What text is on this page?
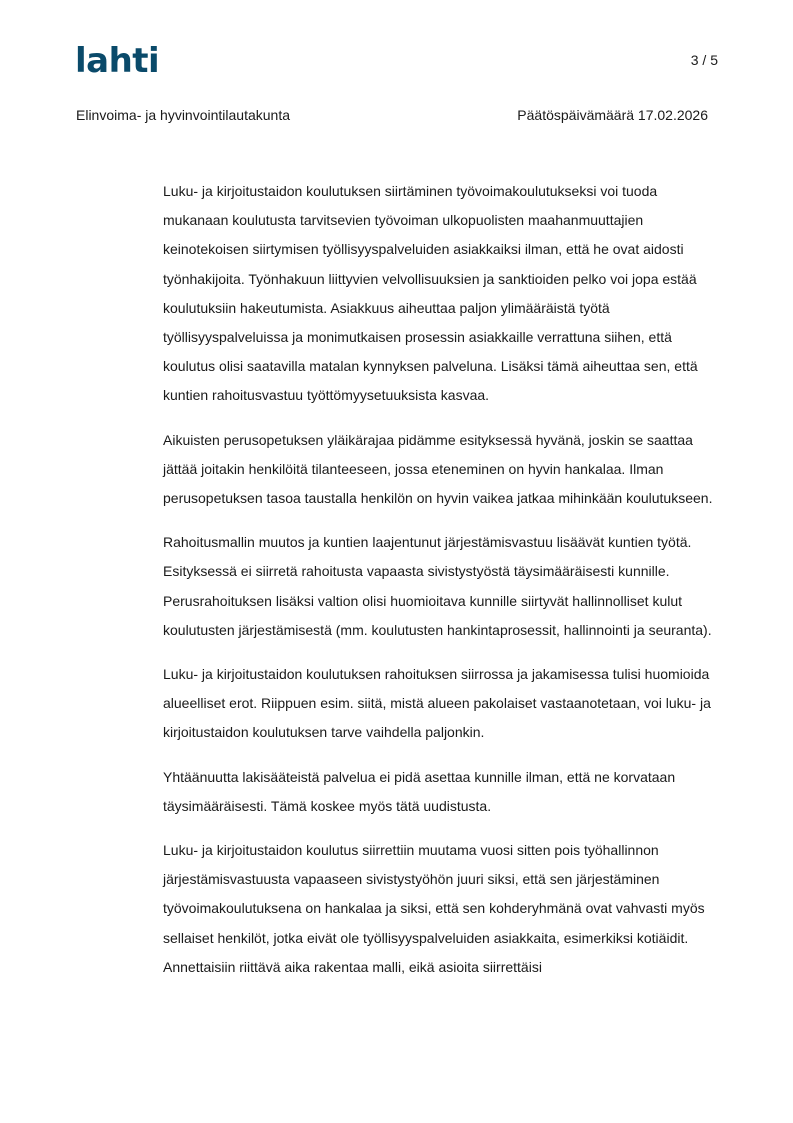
lahti	3 / 5
Elinvoima- ja hyvinvointilautakunta	Päätöspäivämäärä 17.02.2026

Luku- ja kirjoitustaidon koulutuksen siirtäminen työvoimakoulutukseksi voi tuoda mukanaan koulutusta tarvitsevien työvoiman ulkopuolisten maahanmuuttajien keinotekoisen siirtymisen työllisyyspalveluiden asiakkaiksi ilman, että he ovat aidosti työnhakijoita. Työnhakuun liittyvien velvollisuuksien ja sanktioiden pelko voi jopa estää koulutuksiin hakeutumista. Asiakkuus aiheuttaa paljon ylimääräistä työtä työllisyyspalveluissa ja monimutkaisen prosessin asiakkaille verrattuna siihen, että koulutus olisi saatavilla matalan kynnyksen palveluna. Lisäksi tämä aiheuttaa sen, että kuntien rahoitusvastuu työttömyysetuuksista kasvaa.

Aikuisten perusopetuksen yläikärajaa pidämme esityksessä hyvänä, joskin se saattaa jättää joitakin henkilöitä tilanteeseen, jossa eteneminen on hyvin hankalaa. Ilman perusopetuksen tasoa taustalla henkilön on hyvin vaikea jatkaa mihinkään koulutukseen.

Rahoitusmallin muutos ja kuntien laajentunut järjestämisvastuu lisäävät kuntien työtä. Esityksessä ei siirretä rahoitusta vapaasta sivistystyöstä täysimääräisesti kunnille. Perusrahoituksen lisäksi valtion olisi huomioitava kunnille siirtyvät hallinnolliset kulut koulutusten järjestämisestä (mm. koulutusten hankintaprosessit, hallinnointi ja seuranta).

Luku- ja kirjoitustaidon koulutuksen rahoituksen siirrossa ja jakamisessa tulisi huomioida alueelliset erot. Riippuen esim. siitä, mistä alueen pakolaiset vastaanotetaan, voi luku- ja kirjoitustaidon koulutuksen tarve vaihdella paljonkin.

Yhtäänuutta lakisääteistä palvelua ei pidä asettaa kunnille ilman, että ne korvataan täysimääräisesti. Tämä koskee myös tätä uudistusta.

Luku- ja kirjoitustaidon koulutus siirrettiin muutama vuosi sitten pois työhallinnon järjestämisvastuusta vapaaseen sivistystyöhön juuri siksi, että sen järjestäminen työvoimakoulutuksena on hankalaa ja siksi, että sen kohderyhmänä ovat vahvasti myös sellaiset henkilöt, jotka eivät ole työllisyyspalveluiden asiakkaita, esimerkiksi kotiäidit. Annettaisiin riittävä aika rakentaa malli, eikä asioita siirrettäisi
